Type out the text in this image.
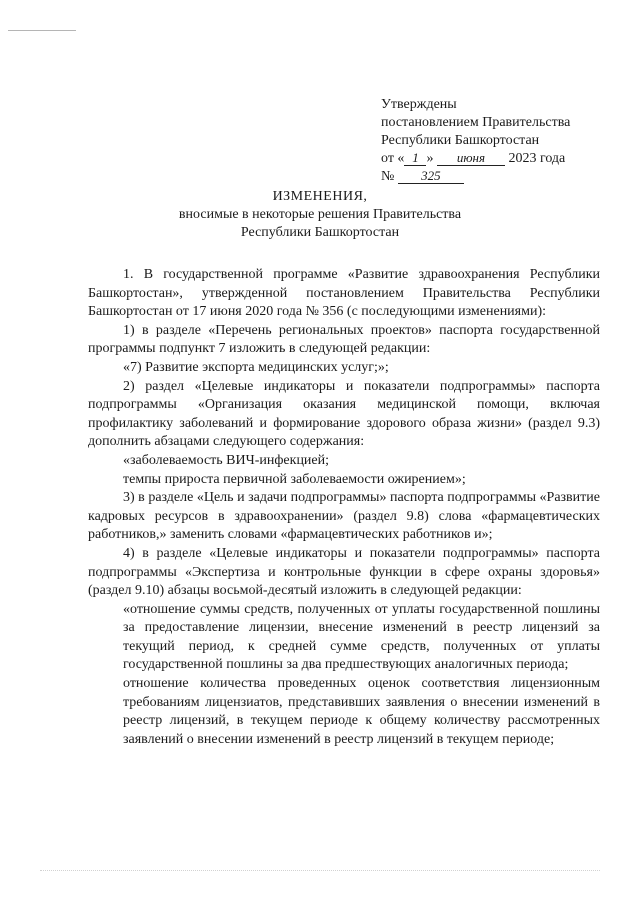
Утверждены
постановлением Правительства
Республики Башкортостан
от « 1 » июня 2023 года
№ 325
ИЗМЕНЕНИЯ,
вносимые в некоторые решения Правительства
Республики Башкортостан

1. В государственной программе «Развитие здравоохранения Республики Башкортостан», утвержденной постановлением Правительства Республики Башкортостан от 17 июня 2020 года № 356 (с последующими изменениями):

1) в разделе «Перечень региональных проектов» паспорта государственной программы подпункт 7 изложить в следующей редакции:

«7) Развитие экспорта медицинских услуг;»;

2) раздел «Целевые индикаторы и показатели подпрограммы» паспорта подпрограммы «Организация оказания медицинской помощи, включая профилактику заболеваний и формирование здорового образа жизни» (раздел 9.3) дополнить абзацами следующего содержания:

«заболеваемость ВИЧ-инфекцией;

темпы прироста первичной заболеваемости ожирением»;

3) в разделе «Цель и задачи подпрограммы» паспорта подпрограммы «Развитие кадровых ресурсов в здравоохранении» (раздел 9.8) слова «фармацевтических работников,» заменить словами «фармацевтических работников и»;

4) в разделе «Целевые индикаторы и показатели подпрограммы» паспорта подпрограммы «Экспертиза и контрольные функции в сфере охраны здоровья» (раздел 9.10) абзацы восьмой-десятый изложить в следующей редакции:

«отношение суммы средств, полученных от уплаты государственной пошлины за предоставление лицензии, внесение изменений в реестр лицензий за текущий период, к средней сумме средств, полученных от уплаты государственной пошлины за два предшествующих аналогичных периода;

отношение количества проведенных оценок соответствия лицензионным требованиям лицензиатов, представивших заявления о внесении изменений в реестр лицензий, в текущем периоде к общему количеству рассмотренных заявлений о внесении изменений в реестр лицензий в текущем периоде;
